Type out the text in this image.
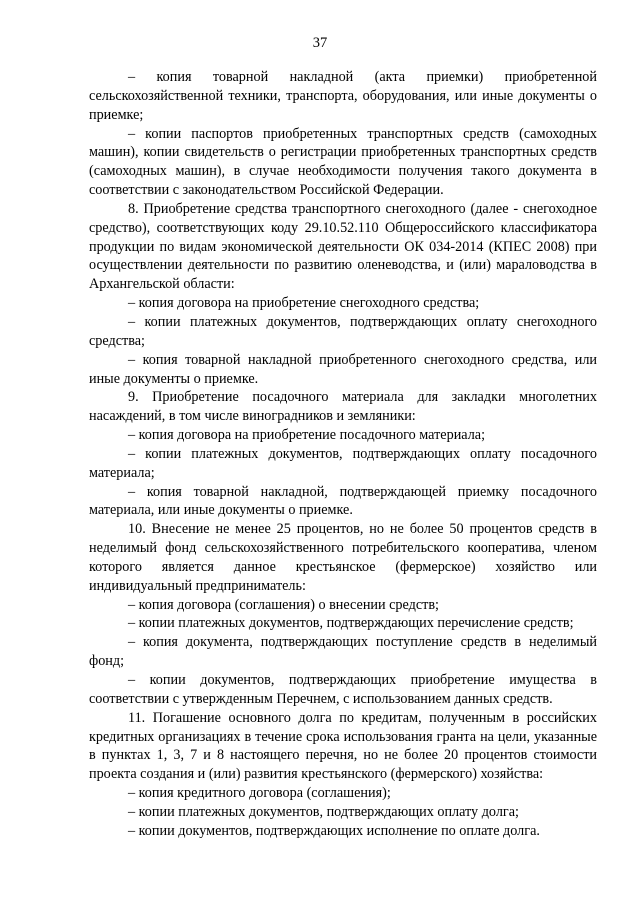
37

– копия товарной накладной (акта приемки) приобретенной сельскохозяйственной техники, транспорта, оборудования, или иные документы о приемке;

– копии паспортов приобретенных транспортных средств (самоходных машин), копии свидетельств о регистрации приобретенных транспортных средств (самоходных машин), в случае необходимости получения такого документа в соответствии с законодательством Российской Федерации.

8. Приобретение средства транспортного снегоходного (далее - снегоходное средство), соответствующих коду 29.10.52.110 Общероссийского классификатора продукции по видам экономической деятельности ОК 034-2014 (КПЕС 2008) при осуществлении деятельности по развитию оленеводства, и (или) мараловодства в Архангельской области:

– копия договора на приобретение снегоходного средства;

– копии платежных документов, подтверждающих оплату снегоходного средства;

– копия товарной накладной приобретенного снегоходного средства, или иные документы о приемке.

9. Приобретение посадочного материала для закладки многолетних насаждений, в том числе виноградников и земляники:

– копия договора на приобретение посадочного материала;

– копии платежных документов, подтверждающих оплату посадочного материала;

– копия товарной накладной, подтверждающей приемку посадочного материала, или иные документы о приемке.

10. Внесение не менее 25 процентов, но не более 50 процентов средств в неделимый фонд сельскохозяйственного потребительского кооператива, членом которого является данное крестьянское (фермерское) хозяйство или индивидуальный предприниматель:

– копия договора (соглашения) о внесении средств;

– копии платежных документов, подтверждающих перечисление средств;

– копия документа, подтверждающих поступление средств в неделимый фонд;

– копии документов, подтверждающих приобретение имущества в соответствии с утвержденным Перечнем, с использованием данных средств.

11. Погашение основного долга по кредитам, полученным в российских кредитных организациях в течение срока использования гранта на цели, указанные в пунктах 1, 3, 7 и 8 настоящего перечня, но не более 20 процентов стоимости проекта создания и (или) развития крестьянского (фермерского) хозяйства:

– копия кредитного договора (соглашения);

– копии платежных документов, подтверждающих оплату долга;

– копии документов, подтверждающих исполнение по оплате долга.
